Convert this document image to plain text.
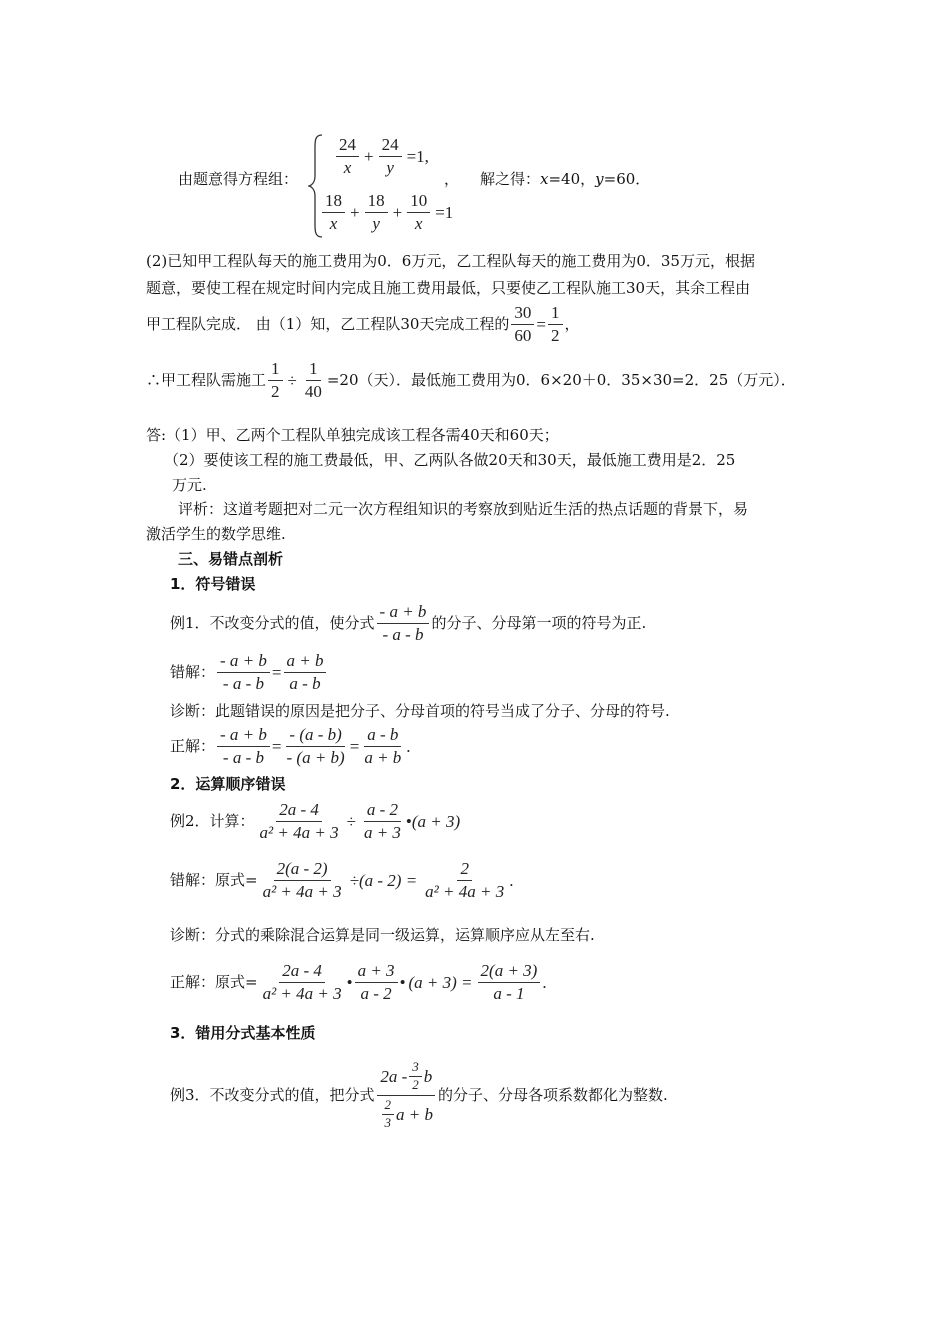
由题意得方程组：
$\frac{24}{x} + \frac{24}{y} =1$,
$\frac{18}{x} + \frac{18}{y} + \frac{10}{x} =1$
， 解之得：x=40，y=60．
(2)已知甲工程队每天的施工费用为0．6万元，乙工程队每天的施工费用为0．35万元，根据
题意，要使工程在规定时间内完成且施工费用最低，只要使乙工程队施工30天，其余工程由
甲工程队完成． 由（1）知，乙工程队30天完成工程的 $\frac{30}{60} = \frac{1}{2}$ ，
∴甲工程队需施工 $\frac{1}{2} \div \frac{1}{40} =20$（天）．最低施工费用为0．6×20＋0．35×30=2．25（万元）．
答:（1）甲、乙两个工程队单独完成该工程各需40天和60天；
（2）要使该工程的施工费最低，甲、乙两队各做20天和30天，最低施工费用是2．25
万元.
评析：这道考题把对二元一次方程组知识的考察放到贴近生活的热点话题的背景下，易
激活学生的数学思维.
三、易错点剖析
1．符号错误
例1．不改变分式的值，使分式 $\frac{- a + b}{- a - b}$ 的分子、分母第一项的符号为正.
错解： $\frac{- a + b}{- a - b} = \frac{a + b}{a - b}$
诊断：此题错误的原因是把分子、分母首项的符号当成了分子、分母的符号.
正解： $\frac{- a + b}{- a - b} = \frac{- (a - b)}{- (a + b)} = \frac{a - b}{a + b}$ .
2．运算顺序错误
例2．计算： $\frac{2a - 4}{\text{a² + 4a + 3}} \div \frac{a - 2}{a + 3}$ • (a + 3)
错解：原式= $\frac{2(a - 2)}{\text{a² + 4a + 3}} \div(a - 2) = \frac{2}{\text{a² + 4a + 3}}$ .
诊断：分式的乘除混合运算是同一级运算，运算顺序应从左至右.
正解：原式= $\frac{2a - 4}{\text{a² + 4a + 3}}$ • $\frac{a + 3}{a - 2}$ • $(a + 3) = \frac{2(a + 3)}{a - 1}$ .
3．错用分式基本性质
例3．不改变分式的值，把分式 $\frac{2a - \frac{3}{2} b}{\frac{2}{3} a + b}$ 的分子、分母各项系数都化为整数.
